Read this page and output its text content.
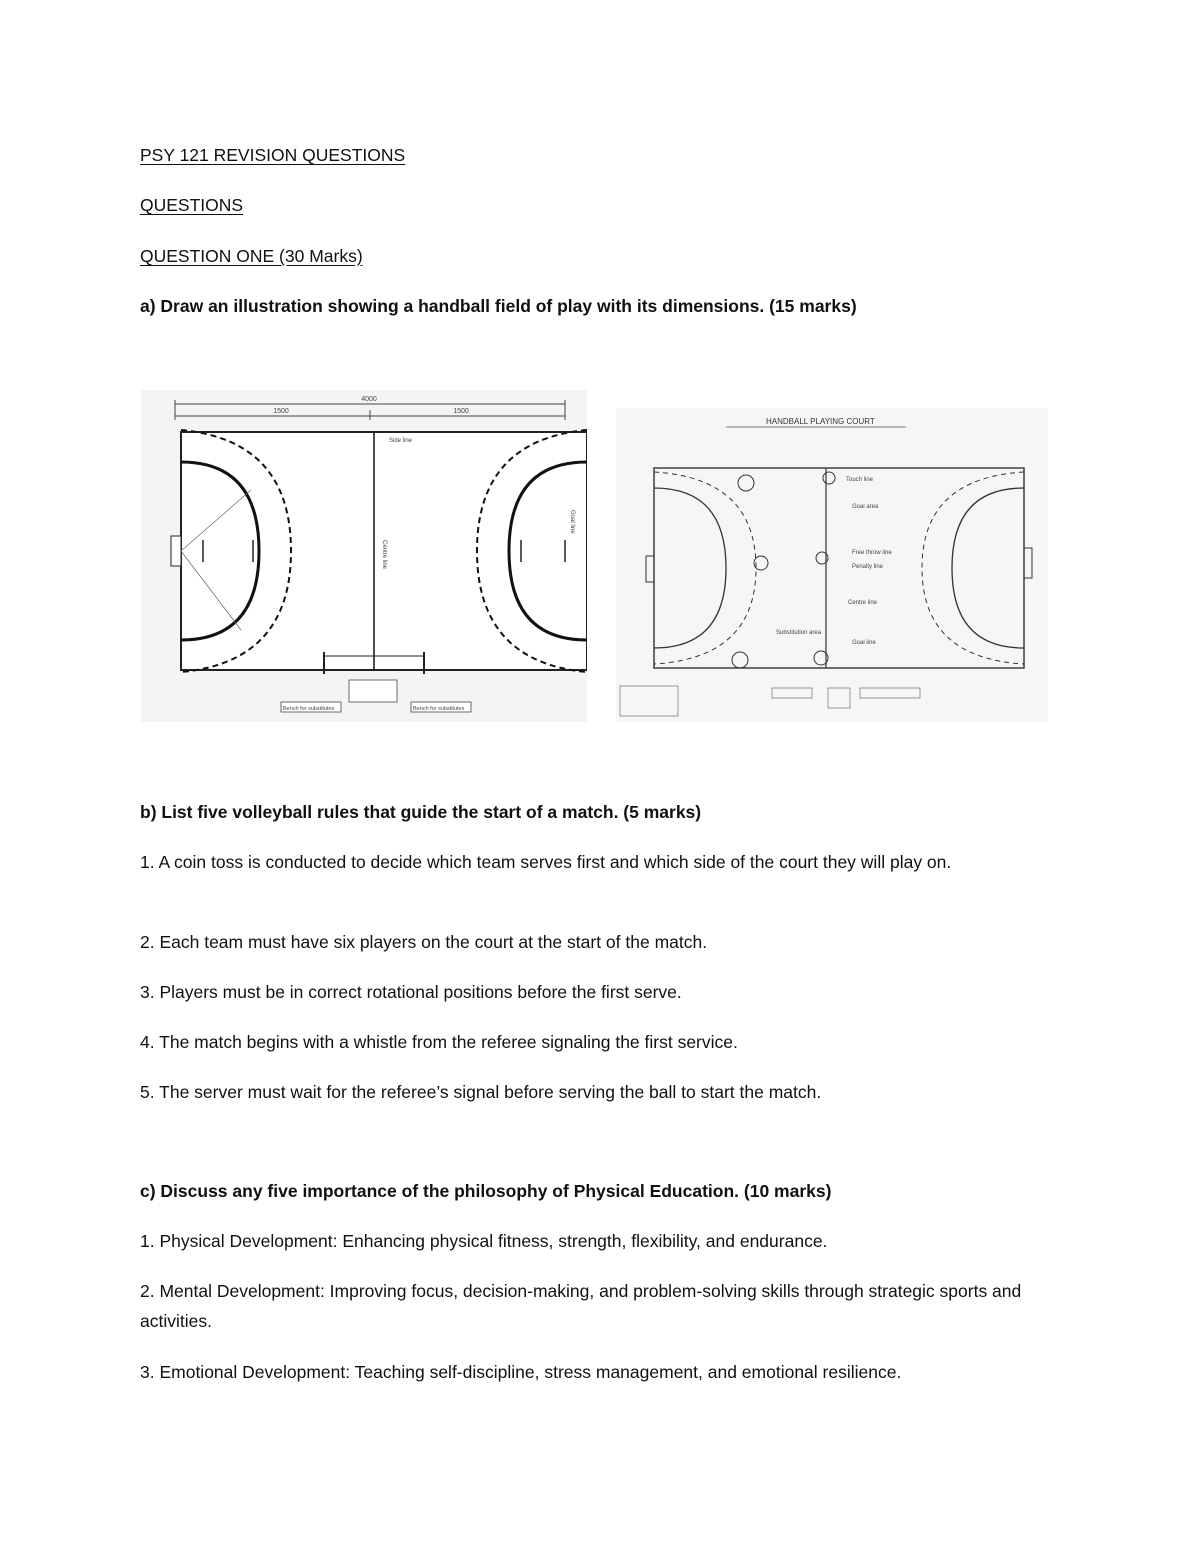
PSY 121 REVISION QUESTIONS
QUESTIONS
QUESTION ONE (30 Marks)
a) Draw an illustration showing a handball field of play with its dimensions. (15 marks)
4000
1500	1500
Side line
Centre line
Goal line
Bench for substitutes	Bench for substitutes
HANDBALL PLAYING COURT
Touch line
Goal area
Free throw line
Centre line
Substitution area
Goal line
Penalty line
b) List five volleyball rules that guide the start of a match. (5 marks)
1. A coin toss is conducted to decide which team serves first and which side of the court they will play on.
2. Each team must have six players on the court at the start of the match.
3. Players must be in correct rotational positions before the first serve.
4. The match begins with a whistle from the referee signaling the first service.
5. The server must wait for the referee’s signal before serving the ball to start the match.
c) Discuss any five importance of the philosophy of Physical Education. (10 marks)
1. Physical Development: Enhancing physical fitness, strength, flexibility, and endurance.
2. Mental Development: Improving focus, decision-making, and problem-solving skills through strategic sports and activities.
3. Emotional Development: Teaching self-discipline, stress management, and emotional resilience.
